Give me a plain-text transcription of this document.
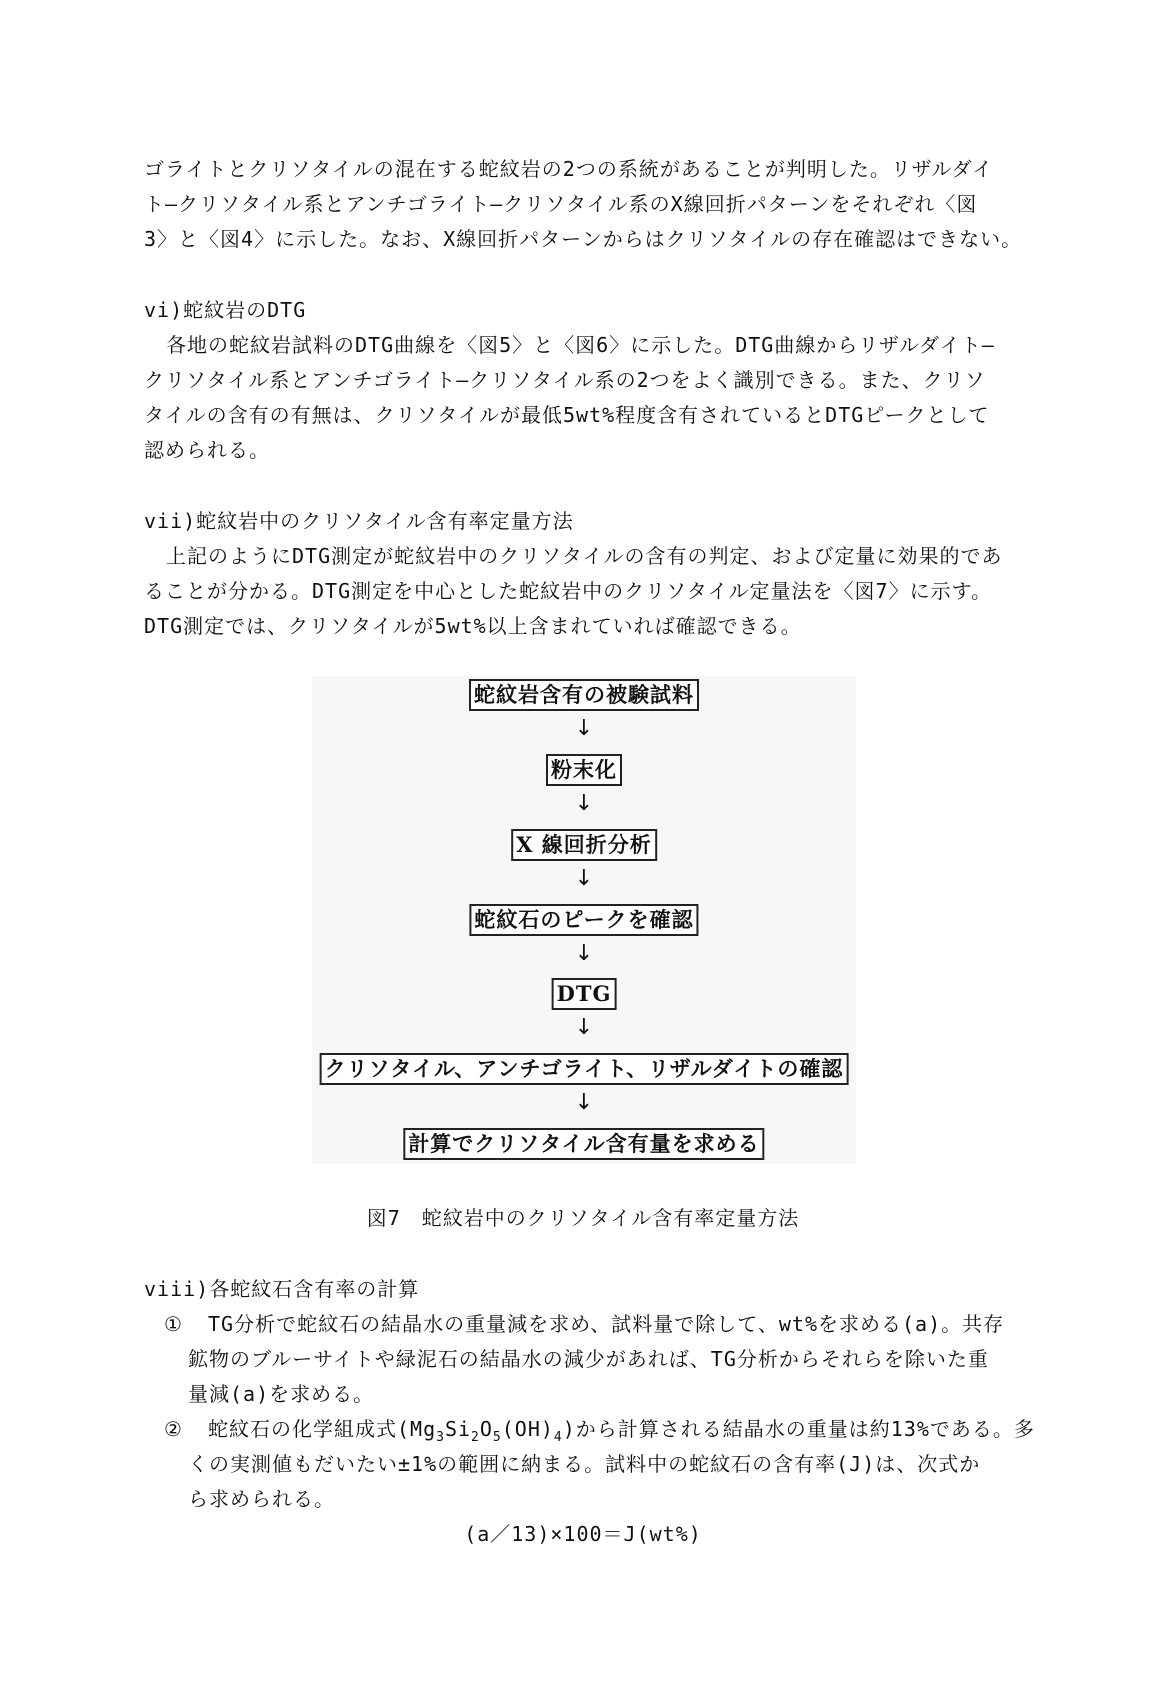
ゴライトとクリソタイルの混在する蛇紋岩の2つの系統があることが判明した。リザルダイ
ト—クリソタイル系とアンチゴライト—クリソタイル系のX線回折パターンをそれぞれ〈図
3〉と〈図4〉に示した。なお、X線回折パターンからはクリソタイルの存在確認はできない。
vi)蛇紋岩のDTG
各地の蛇紋岩試料のDTG曲線を〈図5〉と〈図6〉に示した。DTG曲線からリザルダイト—
クリソタイル系とアンチゴライト—クリソタイル系の2つをよく識別できる。また、クリソ
タイルの含有の有無は、クリソタイルが最低5wt%程度含有されているとDTGピークとして
認められる。
vii)蛇紋岩中のクリソタイル含有率定量方法
上記のようにDTG測定が蛇紋岩中のクリソタイルの含有の判定、および定量に効果的であ
ることが分かる。DTG測定を中心とした蛇紋岩中のクリソタイル定量法を〈図7〉に示す。
DTG測定では、クリソタイルが5wt%以上含まれていれば確認できる。
蛇紋岩含有の被験試料
↓
粉末化
↓
X 線回折分析
↓
蛇紋石のピークを確認
↓
DTG
↓
クリソタイル、アンチゴライト、リザルダイトの確認
↓
計算でクリソタイル含有量を求める
図7　蛇紋岩中のクリソタイル含有率定量方法
viii)各蛇紋石含有率の計算
① TG分析で蛇紋石の結晶水の重量減を求め、試料量で除して、wt%を求める(a)。共存
鉱物のブルーサイトや緑泥石の結晶水の減少があれば、TG分析からそれらを除いた重
量減(a)を求める。
② 蛇紋石の化学組成式$(Mg_3Si_2O_5(OH)_4)$から計算される結晶水の重量は約13%である。多
くの実測値もだいたい±1%の範囲に納まる。試料中の蛇紋石の含有率(J)は、次式か
ら求められる。
(a／13)×100＝J(wt%)
